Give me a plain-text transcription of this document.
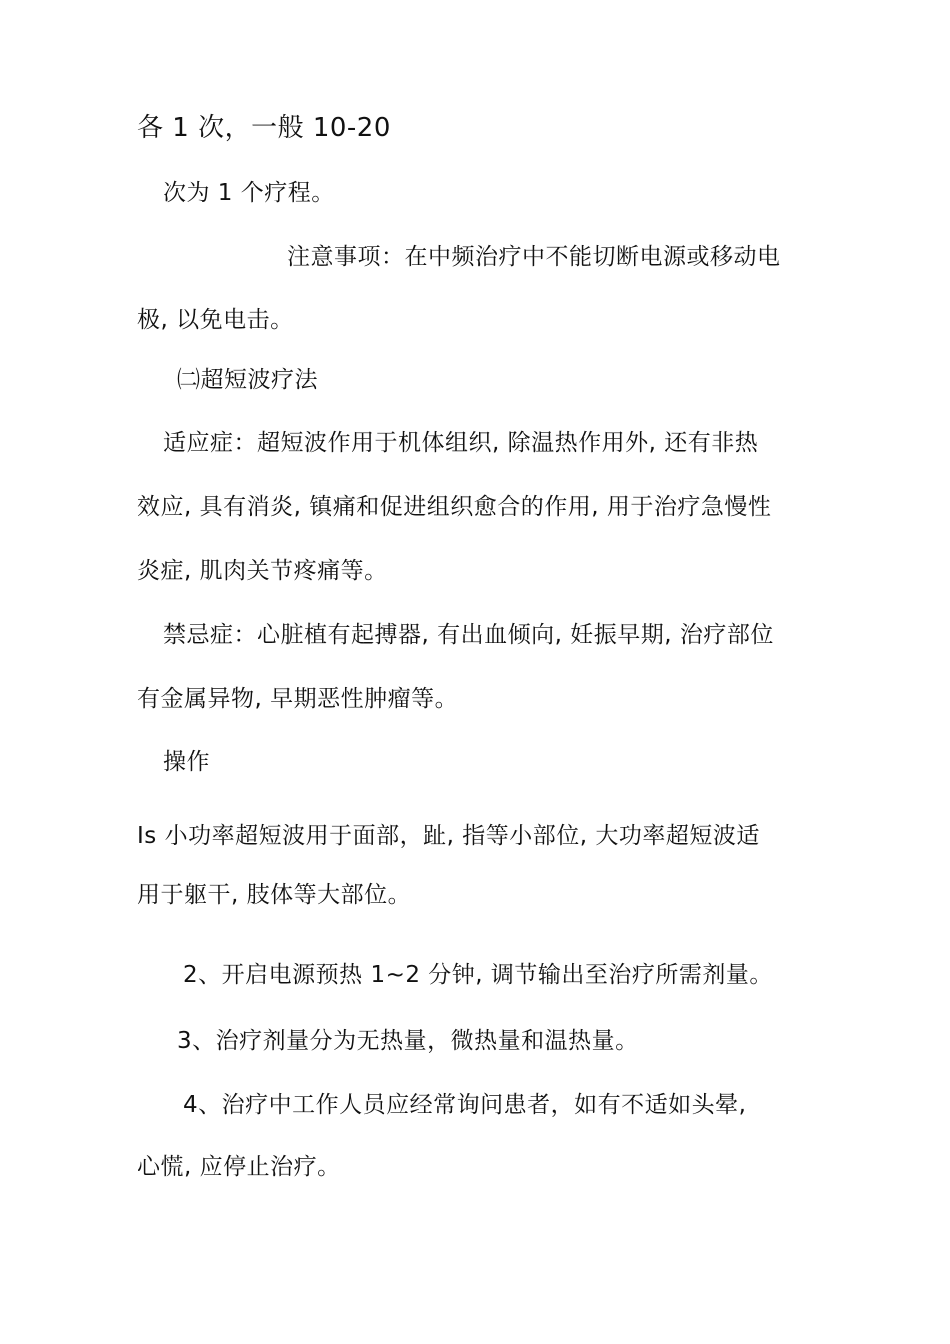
各 1 次，一般 10-20
次为 1 个疗程。
注意事项：在中频治疗中不能切断电源或移动电
极, 以免电击。
㈡超短波疗法
适应症：超短波作用于机体组织, 除温热作用外, 还有非热
效应, 具有消炎, 镇痛和促进组织愈合的作用, 用于治疗急慢性
炎症, 肌肉关节疼痛等。
禁忌症：心脏植有起搏器, 有出血倾向, 妊振早期, 治疗部位
有金属异物, 早期恶性肿瘤等。
操作
Is 小功率超短波用于面部，趾, 指等小部位, 大功率超短波适
用于躯干, 肢体等大部位。
2、开启电源预热 1~2 分钟, 调节输出至治疗所需剂量。
3、治疗剂量分为无热量，微热量和温热量。
4、治疗中工作人员应经常询问患者，如有不适如头晕,
心慌, 应停止治疗。
